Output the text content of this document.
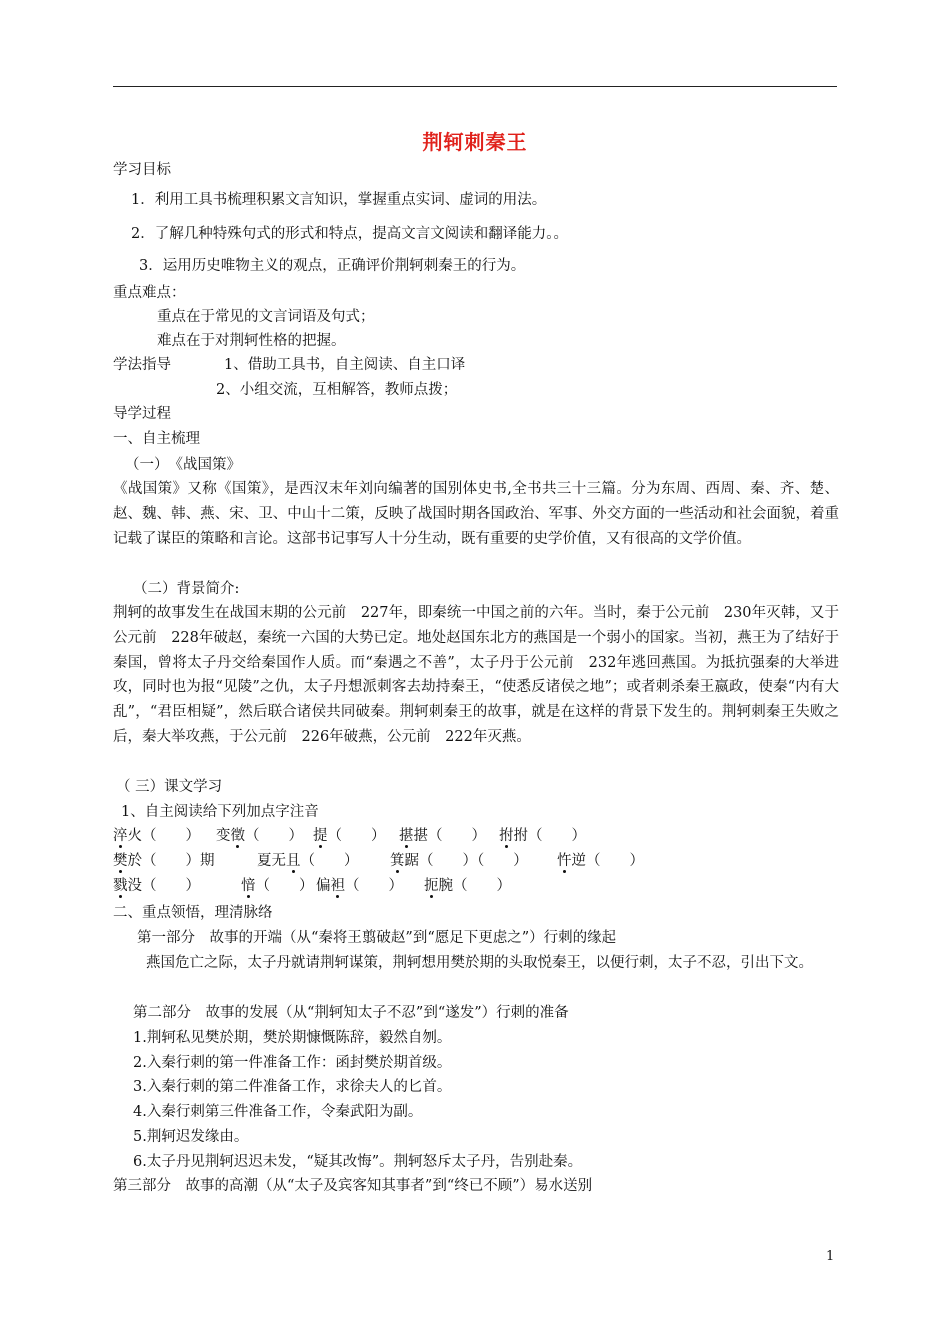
荆轲刺秦王
学习目标
1．利用工具书梳理积累文言知识，掌握重点实词、虚词的用法。
2．了解几种特殊句式的形式和特点，提高文言文阅读和翻译能力。。
3．运用历史唯物主义的观点，正确评价荆轲刺秦王的行为。
重点难点：
重点在于常见的文言词语及句式；
难点在于对荆轲性格的把握。
学法指导	1、借助工具书，自主阅读、自主口译
2、小组交流，互相解答，教师点拨；
导学过程
一、自主梳理
（一）　《战国策》
《战国策》又称《国策》，是西汉末年刘向编著的国别体史书,全书共三十三篇。分为东周、西周、秦、齐、楚、赵、魏、韩、燕、宋、卫、中山十二策，反映了战国时期各国政治、军事、外交方面的一些活动和社会面貌，着重记载了谋臣的策略和言论。这部书记事写人十分生动，既有重要的史学价值，又有很高的文学价值。
（二）背景简介:
荆轲的故事发生在战国末期的公元前　227年，即秦统一中国之前的六年。当时，秦于公元前　230年灭韩，又于公元前　228年破赵，秦统一六国的大势已定。地处赵国东北方的燕国是一个弱小的国家。当初，燕王为了结好于秦国，曾将太子丹交给秦国作人质。而“秦遇之不善”，太子丹于公元前　232年逃回燕国。为抵抗强秦的大举进攻，同时也为报“见陵”之仇，太子丹想派刺客去劫持秦王，“使悉反诸侯之地”；或者刺杀秦王嬴政，使秦“内有大乱”，“君臣相疑”，然后联合诸侯共同破秦。荆轲刺秦王的故事，就是在这样的背景下发生的。荆轲刺秦王失败之后，秦大举攻燕，于公元前　226年破燕，公元前　222年灭燕。
（ 三）课文学习
1、自主阅读给下列加点字注音
淬火（　　） 变徵（　　） 提（　　） 揕揕（　　） 拊拊（　　）
樊於（　　）期	夏无且（　　） 箕踞（　　）（　　） 忤逆（　　）
戮没（　　）	愔（　　） 偏袒（　　） 扼腕（　　）
二、重点领悟，理清脉络
第一部分　故事的开端（从“秦将王翦破赵”到“愿足下更虑之”）行刺的缘起
燕国危亡之际，太子丹就请荆轲谋策，荆轲想用樊於期的头取悦秦王，以便行刺，太子不忍，引出下文。
第二部分　故事的发展（从“荆轲知太子不忍”到“遂发”）行刺的准备
1.荆轲私见樊於期，樊於期慷慨陈辞，毅然自刎。
2.入秦行刺的第一件准备工作：函封樊於期首级。
3.入秦行刺的第二件准备工作，求徐夫人的匕首。
4.入秦行刺第三件准备工作，令秦武阳为副。
5.荆轲迟发缘由。
6.太子丹见荆轲迟迟未发，“疑其改悔”。荆轲怒斥太子丹，告别赴秦。
第三部分　故事的高潮（从“太子及宾客知其事者”到“终已不顾”）易水送别
1
